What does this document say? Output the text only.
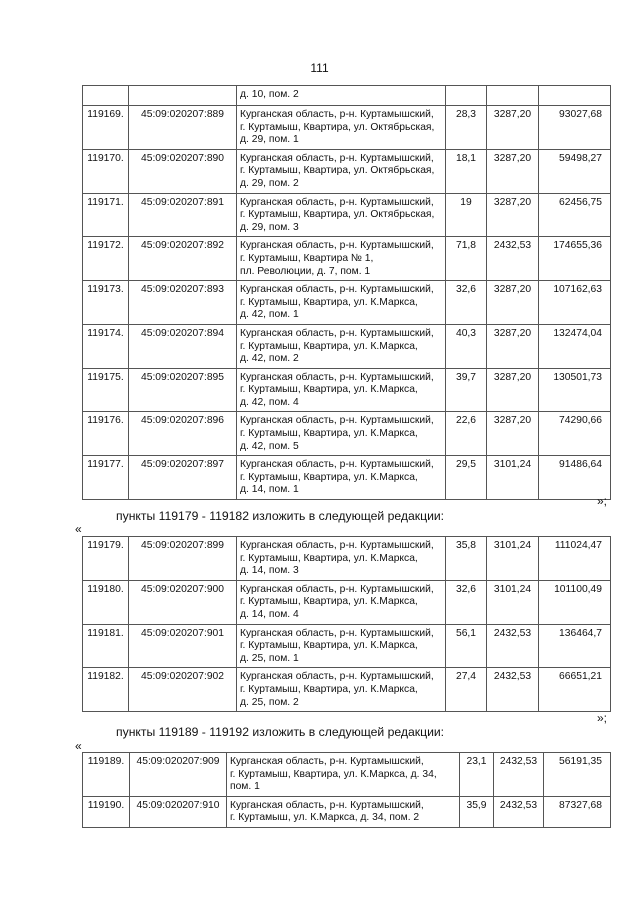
111

		д. 10, пом. 2			

119169.	45:09:020207:889	Курганская область, р-н. Куртамышский,
г. Куртамыш, Квартира, ул. Октябрьская,
д. 29, пом. 1	28,3	3287,20	93027,68
119170.	45:09:020207:890	Курганская область, р-н. Куртамышский,
г. Куртамыш, Квартира, ул. Октябрьская,
д. 29, пом. 2	18,1	3287,20	59498,27
119171.	45:09:020207:891	Курганская область, р-н. Куртамышский,
г. Куртамыш, Квартира, ул. Октябрьская,
д. 29, пом. 3	19	3287,20	62456,75
119172.	45:09:020207:892	Курганская область, р-н. Куртамышский,
г. Куртамыш, Квартира № 1,
пл. Революции, д. 7, пом. 1	71,8	2432,53	174655,36
119173.	45:09:020207:893	Курганская область, р-н. Куртамышский,
г. Куртамыш, Квартира, ул. К.Маркса,
д. 42, пом. 1	32,6	3287,20	107162,63
119174.	45:09:020207:894	Курганская область, р-н. Куртамышский,
г. Куртамыш, Квартира, ул. К.Маркса,
д. 42, пом. 2	40,3	3287,20	132474,04
119175.	45:09:020207:895	Курганская область, р-н. Куртамышский,
г. Куртамыш, Квартира, ул. К.Маркса,
д. 42, пом. 4	39,7	3287,20	130501,73
119176.	45:09:020207:896	Курганская область, р-н. Куртамышский,
г. Куртамыш, Квартира, ул. К.Маркса,
д. 42, пом. 5	22,6	3287,20	74290,66
119177.	45:09:020207:897	Курганская область, р-н. Куртамышский,
г. Куртамыш, Квартира, ул. К.Маркса,
д. 14, пом. 1	29,5	3101,24	91486,64
»;
пункты 119179 - 119182 изложить в следующей редакции:
«
119179.	45:09:020207:899	Курганская область, р-н. Куртамышский,
г. Куртамыш, Квартира, ул. К.Маркса,
д. 14, пом. 3	35,8	3101,24	111024,47
119180.	45:09:020207:900	Курганская область, р-н. Куртамышский,
г. Куртамыш, Квартира, ул. К.Маркса,
д. 14, пом. 4	32,6	3101,24	101100,49
119181.	45:09:020207:901	Курганская область, р-н. Куртамышский,
г. Куртамыш, Квартира, ул. К.Маркса,
д. 25, пом. 1	56,1	2432,53	136464,7
119182.	45:09:020207:902	Курганская область, р-н. Куртамышский,
г. Куртамыш, Квартира, ул. К.Маркса,
д. 25, пом. 2	27,4	2432,53	66651,21
»;
пункты 119189 - 119192 изложить в следующей редакции:
«
119189.	45:09:020207:909	Курганская область, р-н. Куртамышский,
г. Куртамыш, Квартира, ул. К.Маркса, д. 34,
пом. 1	23,1	2432,53	56191,35
119190.	45:09:020207:910	Курганская область, р-н. Куртамышский,
г. Куртамыш, ул. К.Маркса, д. 34, пом. 2	35,9	2432,53	87327,68
